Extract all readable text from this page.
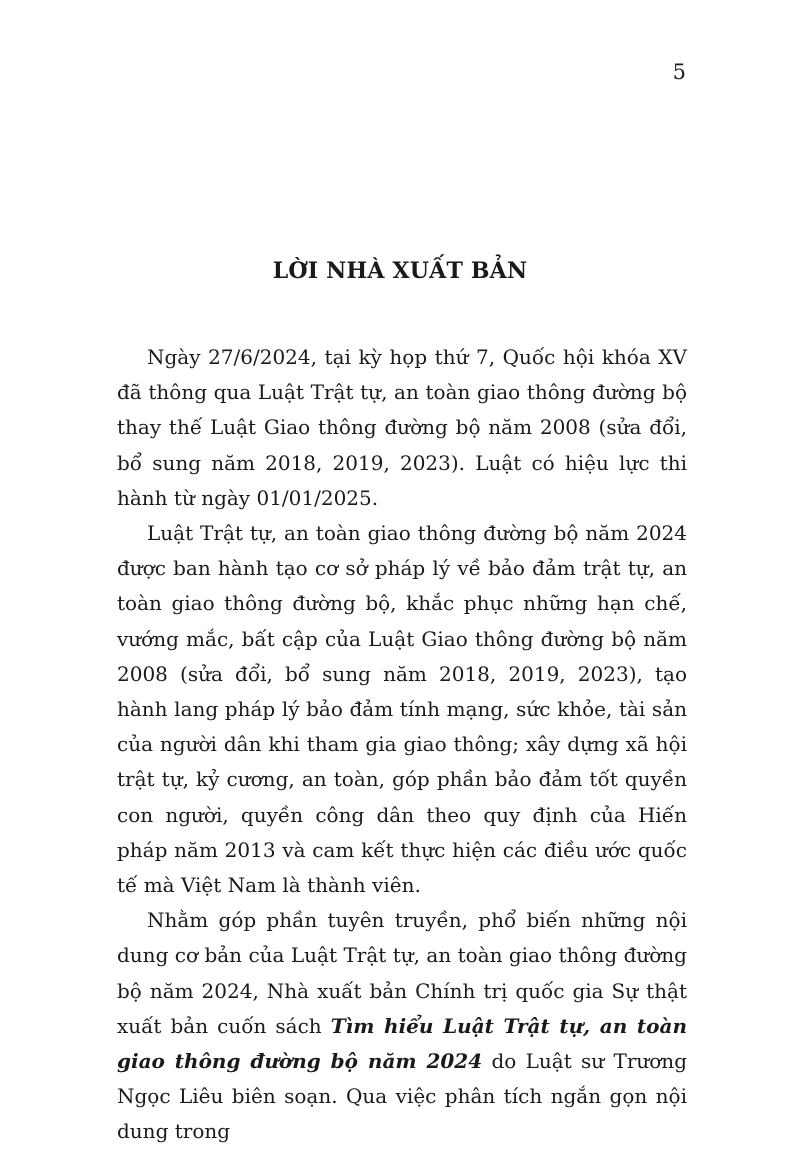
5
LỜI NHÀ XUẤT BẢN

Ngày 27/6/2024, tại kỳ họp thứ 7, Quốc hội khóa XV đã thông qua Luật Trật tự, an toàn giao thông đường bộ thay thế Luật Giao thông đường bộ năm 2008 (sửa đổi, bổ sung năm 2018, 2019, 2023). Luật có hiệu lực thi hành từ ngày 01/01/2025.

Luật Trật tự, an toàn giao thông đường bộ năm 2024 được ban hành tạo cơ sở pháp lý về bảo đảm trật tự, an toàn giao thông đường bộ, khắc phục những hạn chế, vướng mắc, bất cập của Luật Giao thông đường bộ năm 2008 (sửa đổi, bổ sung năm 2018, 2019, 2023), tạo hành lang pháp lý bảo đảm tính mạng, sức khỏe, tài sản của người dân khi tham gia giao thông; xây dựng xã hội trật tự, kỷ cương, an toàn, góp phần bảo đảm tốt quyền con người, quyền công dân theo quy định của Hiến pháp năm 2013 và cam kết thực hiện các điều ước quốc tế mà Việt Nam là thành viên.

Nhằm góp phần tuyên truyền, phổ biến những nội dung cơ bản của Luật Trật tự, an toàn giao thông đường bộ năm 2024, Nhà xuất bản Chính trị quốc gia Sự thật xuất bản cuốn sách Tìm hiểu Luật Trật tự, an toàn giao thông đường bộ năm 2024 do Luật sư Trương Ngọc Liêu biên soạn. Qua việc phân tích ngắn gọn nội dung trong
